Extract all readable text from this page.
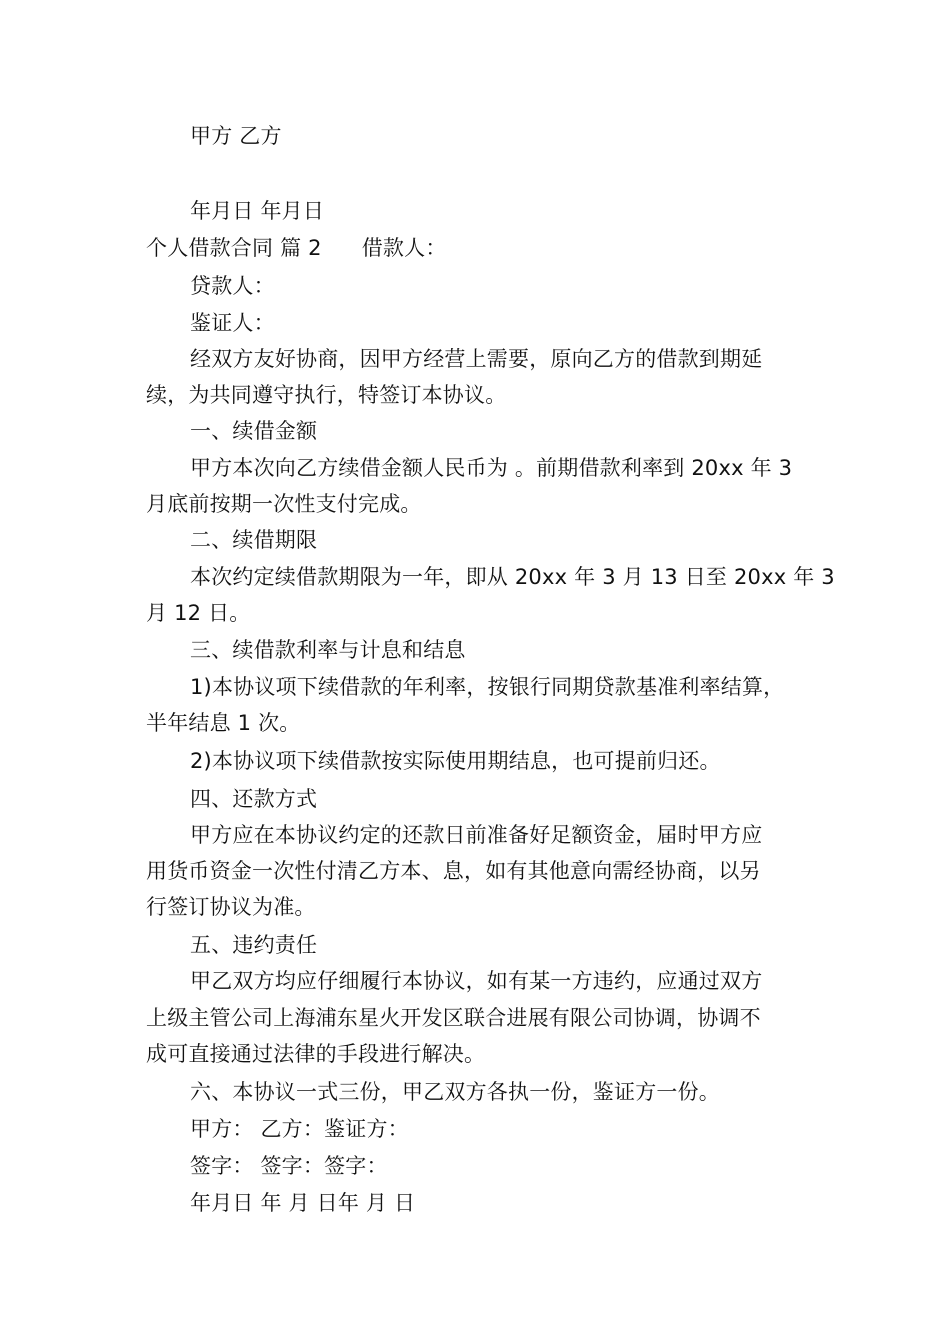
甲方 乙方
年月日 年月日
个人借款合同 篇 2 借款人：
贷款人：
鉴证人：
经双方友好协商，因甲方经营上需要，原向乙方的借款到期延
续，为共同遵守执行，特签订本协议。
一、续借金额
甲方本次向乙方续借金额人民币为 。前期借款利率到 20xx 年 3
月底前按期一次性支付完成。
二、续借期限
本次约定续借款期限为一年，即从 20xx 年 3 月 13 日至 20xx 年 3
月 12 日。
三、续借款利率与计息和结息
1)本协议项下续借款的年利率，按银行同期贷款基准利率结算，
半年结息 1 次。
2)本协议项下续借款按实际使用期结息，也可提前归还。
四、还款方式
甲方应在本协议约定的还款日前准备好足额资金，届时甲方应
用货币资金一次性付清乙方本、息，如有其他意向需经协商，以另
行签订协议为准。
五、违约责任
甲乙双方均应仔细履行本协议，如有某一方违约，应通过双方
上级主管公司上海浦东星火开发区联合进展有限公司协调，协调不
成可直接通过法律的手段进行解决。
六、本协议一式三份，甲乙双方各执一份，鉴证方一份。
甲方： 乙方：鉴证方：
签字： 签字：签字：
年月日 年 月 日年 月 日
